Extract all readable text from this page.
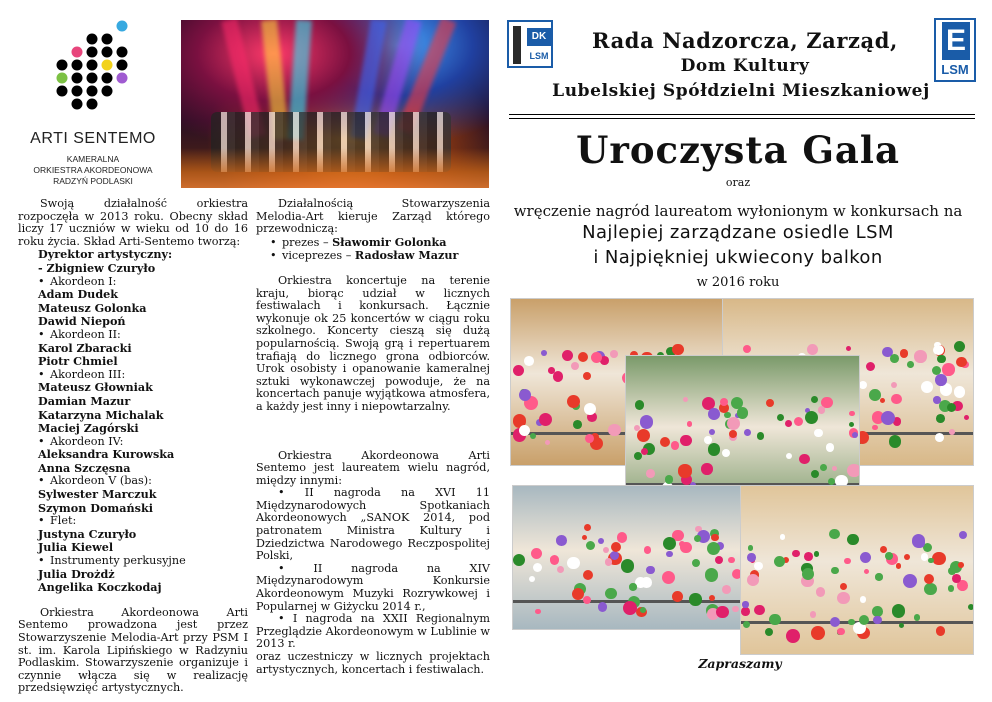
ARTI SENTEMO
KAMERALNA
ORKIESTRA AKORDEONOWA
RADZYŃ PODLASKI

Swoją działalność orkiestra rozpoczęła w 2013 roku. Obecny skład liczy 17 uczniów w wieku od 10 do 16 roku życia. Skład Arti-Sentemo tworzą:

Dyrektor artystyczny:
- Zbigniew Czuryło
• Akordeon I:
Adam Dudek
Mateusz Golonka
Dawid Niepoń
• Akordeon II:
Karol Zbaracki
Piotr Chmiel
• Akordeon III:
Mateusz Głowniak
Damian Mazur
Katarzyna Michalak
Maciej Zagórski
• Akordeon IV:
Aleksandra Kurowska
Anna Szczęsna
• Akordeon V (bas):
Sylwester Marczuk
Szymon Domański
• Flet:
Justyna Czuryło
Julia Kiewel
• Instrumenty perkusyjne
Julia Drożdż
Angelika Koczkodaj

Orkiestra Akordeonowa Arti Sentemo prowadzona jest przez Stowarzyszenie Melodia-Art przy PSM I st. im. Karola Lipińskiego w Radzyniu Podlaskim. Stowarzyszenie organizuje i czynnie włącza się w realizację przedsięwzięć artystycznych.

Działalnością Stowarzyszenia Melodia-Art kieruje Zarząd którego przewodniczą:

• prezes – Sławomir Golonka
• viceprezes – Radosław Mazur

Orkiestra koncertuje na terenie kraju, biorąc udział w licznych festiwalach i konkursach. Łącznie wykonuje ok 25 koncertów w ciągu roku szkolnego. Koncerty cieszą się dużą popularnością. Swoją grą i repertuarem trafiają do licznego grona odbiorców. Urok osobisty i opanowanie kameralnej sztuki wykonawczej powoduje, że na koncertach panuje wyjątkowa atmosfera, a każdy jest inny i niepowtarzalny.

Orkiestra Akordeonowa Arti Sentemo jest laureatem wielu nagród, między innymi:

• II nagroda na XVI 11 Międzynarodowych Spotkaniach Akordeonowych „SANOK 2014, pod patronatem Ministra Kultury i Dziedzictwa Narodowego Reczpospolitej Polski,

• II nagroda na XIV Międzynarodowym Konkursie Akordeonowym Muzyki Rozrywkowej i Popularnej w Giżycku 2014 r.,

• I nagroda na XXII Regionalnym Przeglądzie Akordeonowym w Lublinie w 2013 r.

oraz uczestniczy w licznych projektach artystycznych, koncertach i festiwalach.

DK
LSM	E
LSM
Rada Nadzorcza, Zarząd,
Dom Kultury
Lubelskiej Spółdzielni Mieszkaniowej
Uroczysta Gala
oraz
wręczenie nagród laureatom wyłonionym w konkursach na
Najlepiej zarządzane osiedle LSM
i Najpiękniej ukwiecony balkon
w 2016 roku
Zapraszamy
